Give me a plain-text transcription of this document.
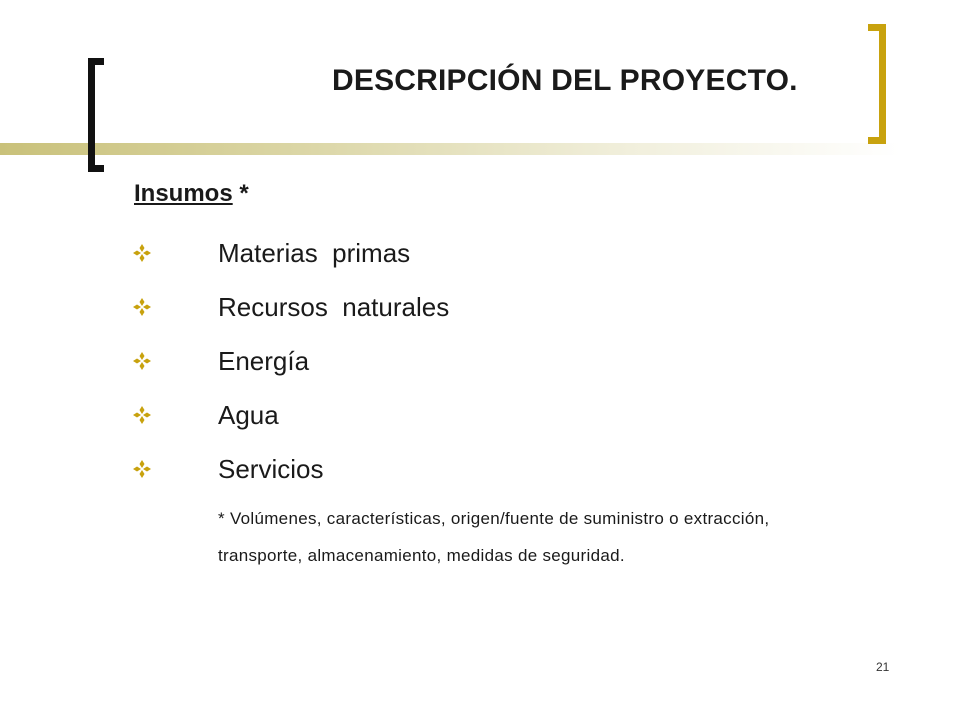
DESCRIPCIÓN DEL PROYECTO.
Insumos *
Materias  primas
Recursos  naturales
Energía
Agua
Servicios
* Volúmenes, características, origen/fuente de suministro o extracción, transporte, almacenamiento, medidas de seguridad.
21
